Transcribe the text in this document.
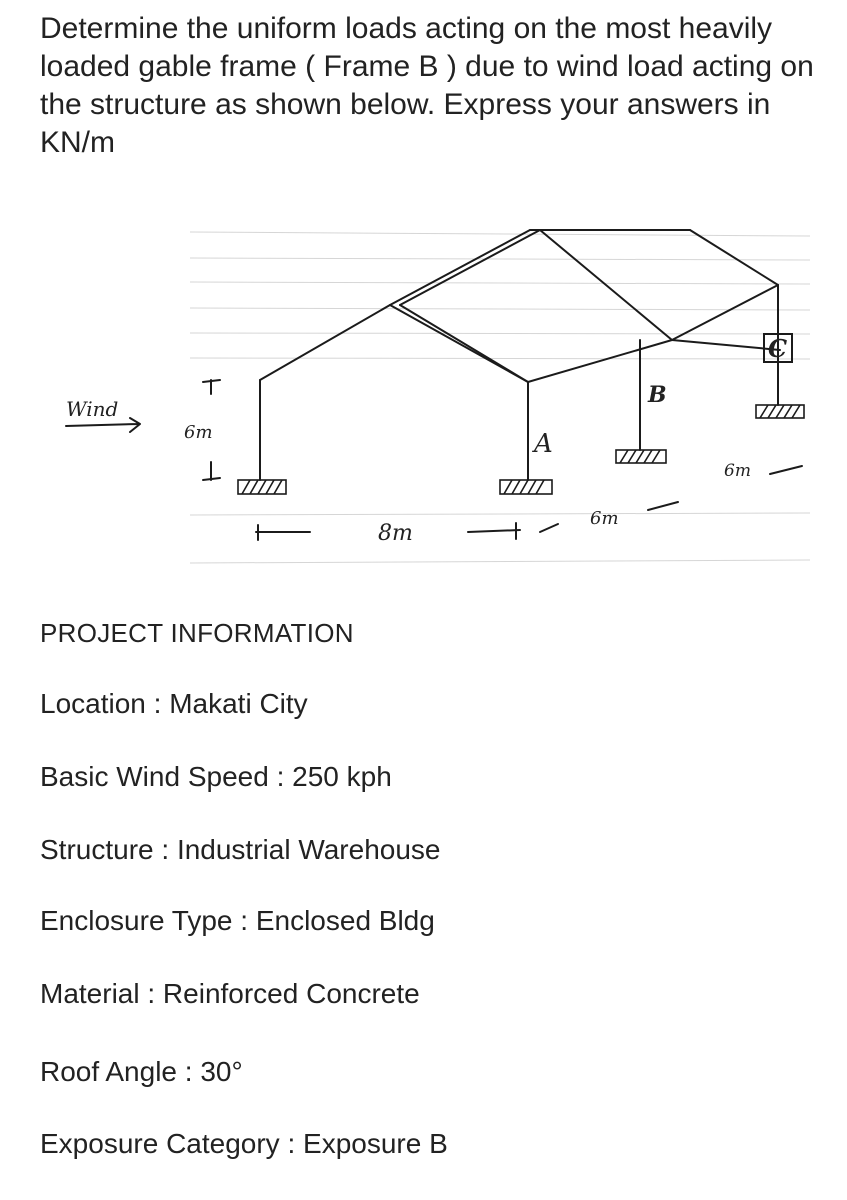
Determine the uniform loads acting on the most heavily loaded gable frame ( Frame B ) due to wind load acting on the structure as shown below. Express your answers in KN/m

Wind
6m
8m
6m
6m
A
B
C
PROJECT INFORMATION
Location : Makati City
Basic Wind Speed : 250 kph
Structure : Industrial Warehouse
Enclosure Type : Enclosed Bldg
Material : Reinforced Concrete
Roof Angle : 30°
Exposure Category : Exposure B
